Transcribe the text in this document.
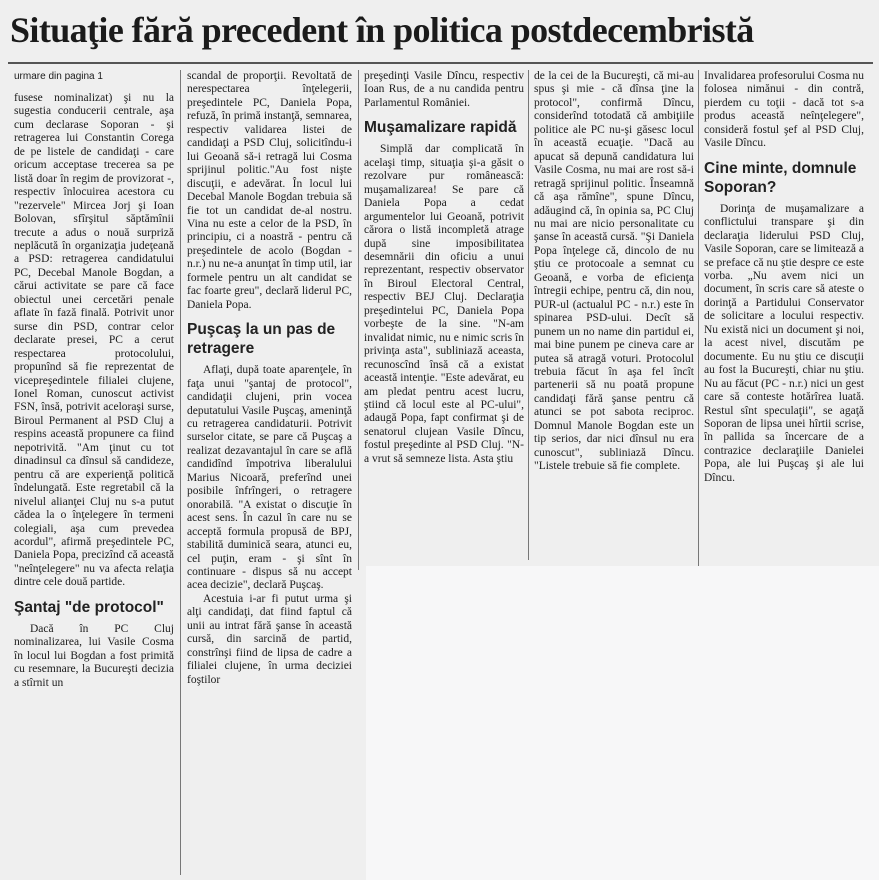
Situaţie fără precedent în politica postdecembristă
urmare din pagina 1

fusese nominalizat) şi nu la sugestia conducerii centrale, aşa cum declarase Soporan - şi retragerea lui Constantin Corega de pe listele de candidaţi - care oricum acceptase trecerea sa pe listă doar în regim de provizorat -, respectiv înlocuirea acestora cu "rezervele" Mircea Jorj şi Ioan Bolovan, sfîrşitul săptămînii trecute a adus o nouă surpriză neplăcută în organizaţia judeţeană a PSD: retragerea candidatului PC, Decebal Manole Bogdan, a cărui activitate se pare că face obiectul unei cercetări penale aflate în fază finală. Potrivit unor surse din PSD, contrar celor declarate presei, PC a cerut respectarea protocolului, propunînd să fie reprezentat de vicepreşedintele filialei clujene, Ionel Roman, cunoscut activist FSN, însă, potrivit aceloraşi surse, Biroul Permanent al PSD Cluj a respins această propunere ca fiind nepotrivită. "Am ţinut cu tot dinadinsul ca dînsul să candideze, pentru că are experienţă politică îndelungată. Este regretabil că la nivelul alianţei Cluj nu s-a putut cădea la o înţelegere în termeni colegiali, aşa cum prevedea acordul", afirmă preşedintele PC, Daniela Popa, precizînd că această "neînţelegere" nu va afecta relaţia dintre cele două partide.

Şantaj "de protocol"

Dacă în PC Cluj nominalizarea, lui Vasile Cosma în locul lui Bogdan a fost primită cu resemnare, la Bucureşti decizia a stîrnit un

scandal de proporţii. Revoltată de nerespectarea înţelegerii, preşedintele PC, Daniela Popa, refuză, în primă instanţă, semnarea, respectiv validarea listei de candidaţi a PSD Cluj, solicitîndu-i lui Geoană să-i retragă lui Cosma sprijinul politic."Au fost nişte discuţii, e adevărat. În locul lui Decebal Manole Bogdan trebuia să fie tot un candidat de-al nostru. Vina nu este a celor de la PSD, în principiu, ci a noastră - pentru că preşedintele de acolo (Bogdan - n.r.) nu ne-a anunţat în timp util, iar formele pentru un alt candidat se fac foarte greu", declară liderul PC, Daniela Popa.

Puşcaş la un pas de retragere

Aflaţi, după toate aparenţele, în faţa unui "şantaj de protocol", candidaţii clujeni, prin vocea deputatului Vasile Puşcaş, ameninţă cu retragerea candidaturii. Potrivit surselor citate, se pare că Puşcaş a realizat dezavantajul în care se află candidînd împotriva liberalului Marius Nicoară, preferînd unei posibile înfrîngeri, o retragere onorabilă. "A existat o discuţie în acest sens. În cazul în care nu se acceptă formula propusă de BPJ, stabilită duminică seara, atunci eu, cel puţin, eram - şi sînt în continuare - dispus să nu accept acea decizie", declară Puşcaş.

Acestuia i-ar fi putut urma şi alţi candidaţi, dat fiind faptul că unii au intrat fără şanse în această cursă, din sarcină de partid, constrînşi fiind de lipsa de cadre a filialei clujene, în urma deciziei foştilor

preşedinţi Vasile Dîncu, respectiv Ioan Rus, de a nu candida pentru Parlamentul României.

Muşamalizare rapidă

Simplă dar complicată în acelaşi timp, situaţia şi-a găsit o rezolvare pur românească: muşamalizarea! Se pare că Daniela Popa a cedat argumentelor lui Geoană, potrivit cărora o listă incompletă atrage după sine imposibilitatea desemnării din oficiu a unui reprezentant, respectiv observator în Biroul Electoral Central, respectiv BEJ Cluj. Declaraţia preşedintelui PC, Daniela Popa vorbeşte de la sine. "N-am invalidat nimic, nu e nimic scris în privinţa asta", subliniază aceasta, recunoscînd însă că a existat această intenţie. "Este adevărat, eu am pledat pentru acest lucru, ştiind că locul este al PC-ului", adaugă Popa, fapt confirmat şi de senatorul clujean Vasile Dîncu, fostul preşedinte al PSD Cluj. "N-a vrut să semneze lista. Asta ştiu

de la cei de la Bucureşti, că mi-au spus şi mie - că dînsa ţine la protocol", confirmă Dîncu, considerînd totodată că ambiţiile politice ale PC nu-şi găsesc locul în această ecuaţie. "Dacă au apucat să depună candidatura lui Vasile Cosma, nu mai are rost să-i retragă sprijinul politic. Înseamnă că aşa rămîne", spune Dîncu, adăugind că, în opinia sa, PC Cluj nu mai are nicio personalitate cu şanse în această cursă. "Şi Daniela Popa înţelege că, dincolo de nu ştiu ce protocoale a semnat cu Geoană, e vorba de eficienţa întregii echipe, pentru că, din nou, PUR-ul (actualul PC - n.r.) este în spinarea PSD-ului. Decît să punem un no name din partidul ei, mai bine punem pe cineva care ar putea să atragă voturi. Protocolul trebuia făcut în aşa fel încît partenerii să nu poată propune candidaţi fără şanse pentru că atunci se pot sabota reciproc. Domnul Manole Bogdan este un tip serios, dar nici dînsul nu era cunoscut", subliniază Dîncu. "Listele trebuie să fie complete.

Invalidarea profesorului Cosma nu folosea nimănui - din contră, pierdem cu toţii - dacă tot s-a produs această neînţelegere", consideră fostul şef al PSD Cluj, Vasile Dîncu.

Cine minte, domnule Soporan?

Dorinţa de muşamalizare a conflictului transpare şi din declaraţia liderului PSD Cluj, Vasile Soporan, care se limitează a se preface că nu ştie despre ce este vorba. „Nu avem nici un document, în scris care să ateste o dorinţă a Partidului Conservator de solicitare a locului respectiv. Nu există nici un document şi noi, la acest nivel, discutăm pe documente. Eu nu ştiu ce discuţii au fost la Bucureşti, chiar nu ştiu. Nu au făcut (PC - n.r.) nici un gest care să conteste hotărîrea luată. Restul sînt speculaţii", se agaţă Soporan de lipsa unei hîrtii scrise, în pallida sa încercare de a contrazice declaraţiile Danielei Popa, ale lui Puşcaş şi ale lui Dîncu.
